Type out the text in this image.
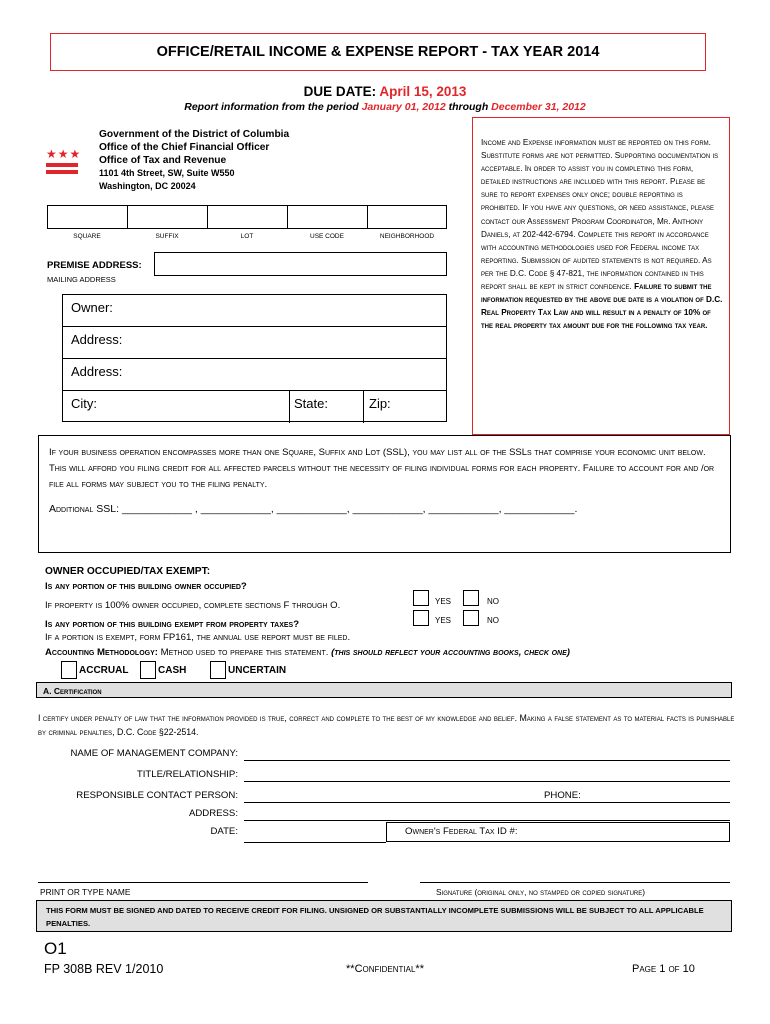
OFFICE/RETAIL INCOME & EXPENSE REPORT - TAX YEAR 2014
DUE DATE: April 15, 2013
Report information from the period January 01, 2012 through December 31, 2012
★★★
Government of the District of Columbia
Office of the Chief Financial Officer
Office of Tax and Revenue
1101 4th Street, SW, Suite W550
Washington, DC 20024
SQUARE	SUFFIX	LOT	USE CODE	NEIGHBORHOOD
PREMISE ADDRESS:
MAILING ADDRESS
Owner:
Address:
Address:
City:	State:	Zip:
Income and Expense information must be reported on this form. Substitute forms are not permitted. Supporting documentation is acceptable. In order to assist you in completing this form, detailed instructions are included with this report. Please be sure to report expenses only once; double reporting is prohibited. If you have any questions, or need assistance, please contact our Assessment Program Coordinator, Mr. Anthony Daniels, at 202-442-6794. Complete this report in accordance with accounting methodologies used for Federal income tax reporting. Submission of audited statements is not required. As per the D.C. Code § 47-821, the information contained in this report shall be kept in strict confidence. Failure to submit the information requested by the above due date is a violation of D.C. Real Property Tax Law and will result in a penalty of 10% of the real property tax amount due for the following tax year.
If your business operation encompasses more than one Square, Suffix and Lot (SSL), you may list all of the SSLs that comprise your economic unit below. This will afford you filing credit for all affected parcels without the necessity of filing individual forms for each property. Failure to account for and /or file all forms may subject you to the filing penalty.
Additional SSL: ____________ , ____________, ____________, ____________, ____________, ____________.
OWNER OCCUPIED/TAX EXEMPT:
Is any portion of this building owner occupied?
If property is 100% owner occupied, complete sections F through O.
Is any portion of this building exempt from property taxes?
If a portion is exempt, form FP161, the annual use report must be filed.
Accounting Methodology: Method used to prepare this statement. (this should reflect your accounting books, check one)
YES	NO
YES	NO
ACCRUAL	CASH	UNCERTAIN
A. Certification
I certify under penalty of law that the information provided is true, correct and complete to the best of my knowledge and belief. Making a false statement as to material facts is punishable by criminal penalties, D.C. Code §22-2514.
NAME OF MANAGEMENT COMPANY:
TITLE/RELATIONSHIP:
RESPONSIBLE CONTACT PERSON:	PHONE:
ADDRESS:
DATE:	Owner's Federal Tax ID #:
PRINT OR TYPE NAME	Signature (original only, no stamped or copied signature)
THIS FORM MUST BE SIGNED AND DATED TO RECEIVE CREDIT FOR FILING. UNSIGNED OR SUBSTANTIALLY INCOMPLETE SUBMISSIONS WILL BE SUBJECT TO ALL APPLICABLE PENALTIES.
O1
FP 308B REV 1/2010	**Confidential**	Page 1 of 10
